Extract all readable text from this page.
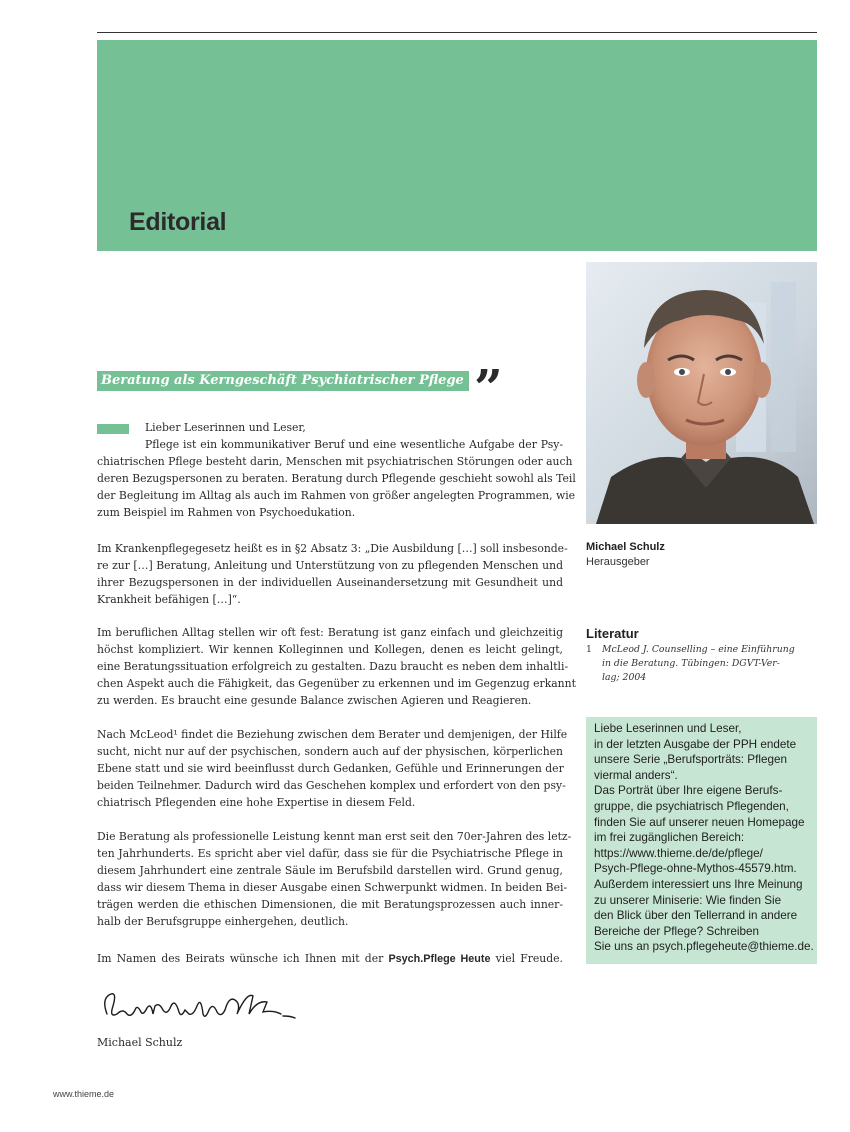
Editorial
Michael Schulz
Herausgeber
Literatur
1 McLeod J. Counselling – eine Einführung
in die Beratung. Tübingen: DGVT-Ver-
lag; 2004
Liebe Leserinnen und Leser,
in der letzten Ausgabe der PPH endete
unsere Serie „Berufsporträts: Pflegen
viermal anders“.
Das Porträt über Ihre eigene Berufs-
gruppe, die psychiatrisch Pflegenden,
finden Sie auf unserer neuen Homepage
im frei zugänglichen Bereich:
https://www.thieme.de/de/pflege/
Psych-Pflege-ohne-Mythos-45579.htm.
Außerdem interessiert uns Ihre Meinung
zu unserer Miniserie: Wie finden Sie
den Blick über den Tellerrand in andere
Bereiche der Pflege? Schreiben
Sie uns an psych.pflegeheute@thieme.de.
Beratung als Kerngeschäft Psychiatrischer Pflege ”
Lieber Leserinnen und Leser,
Pflege ist ein kommunikativer Beruf und eine wesentliche Aufgabe der Psy-
chiatrischen Pflege besteht darin, Menschen mit psychiatrischen Störungen oder auch
deren Bezugspersonen zu beraten. Beratung durch Pflegende geschieht sowohl als Teil
der Begleitung im Alltag als auch im Rahmen von größer angelegten Programmen, wie
zum Beispiel im Rahmen von Psychoedukation.
Im Krankenpflegegesetz heißt es in §2 Absatz 3: „Die Ausbildung […] soll insbesonde-
re zur […] Beratung, Anleitung und Unterstützung von zu pflegenden Menschen und
ihrer Bezugspersonen in der individuellen Auseinandersetzung mit Gesundheit und
Krankheit befähigen […]“.
Im beruflichen Alltag stellen wir oft fest: Beratung ist ganz einfach und gleichzeitig
höchst kompliziert. Wir kennen Kolleginnen und Kollegen, denen es leicht gelingt,
eine Beratungssituation erfolgreich zu gestalten. Dazu braucht es neben dem inhaltli-
chen Aspekt auch die Fähigkeit, das Gegenüber zu erkennen und im Gegenzug erkannt
zu werden. Es braucht eine gesunde Balance zwischen Agieren und Reagieren.
Nach McLeod¹ findet die Beziehung zwischen dem Berater und demjenigen, der Hilfe
sucht, nicht nur auf der psychischen, sondern auch auf der physischen, körperlichen
Ebene statt und sie wird beeinflusst durch Gedanken, Gefühle und Erinnerungen der
beiden Teilnehmer. Dadurch wird das Geschehen komplex und erfordert von den psy-
chiatrisch Pflegenden eine hohe Expertise in diesem Feld.
Die Beratung als professionelle Leistung kennt man erst seit den 70er-Jahren des letz-
ten Jahrhunderts. Es spricht aber viel dafür, dass sie für die Psychiatrische Pflege in
diesem Jahrhundert eine zentrale Säule im Berufsbild darstellen wird. Grund genug,
dass wir diesem Thema in dieser Ausgabe einen Schwerpunkt widmen. In beiden Bei-
trägen werden die ethischen Dimensionen, die mit Beratungsprozessen auch inner-
halb der Berufsgruppe einhergehen, deutlich.
Im Namen des Beirats wünsche ich Ihnen mit der Psych.Pflege Heute viel Freude.
Michael Schulz
www.thieme.de
